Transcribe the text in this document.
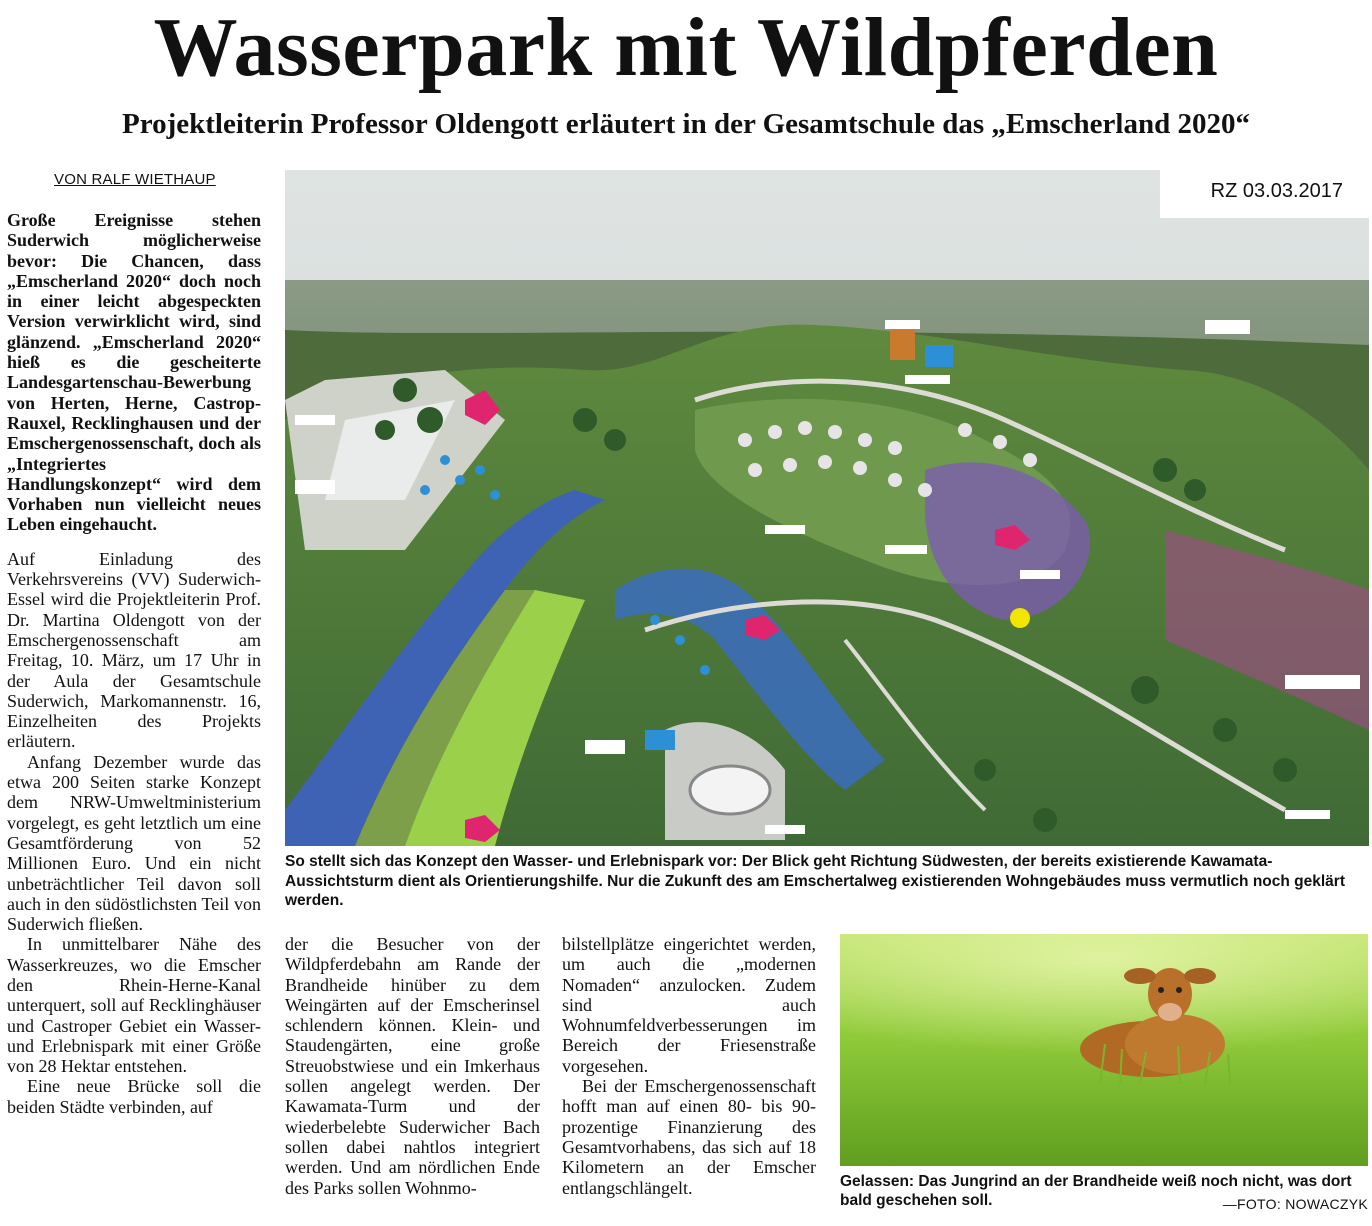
Wasserpark mit Wildpferden
Projektleiterin Professor Oldengott erläutert in der Gesamtschule das „Emscherland 2020“
VON RALF WIETHAUP

Große Ereignisse stehen Suderwich möglicherweise bevor: Die Chancen, dass „Emscherland 2020“ doch noch in einer leicht abgespeckten Version verwirklicht wird, sind glänzend. „Emscherland 2020“ hieß es die gescheiterte Landesgartenschau-Bewerbung von Herten, Herne, Castrop-Rauxel, Recklinghausen und der Emschergenossenschaft, doch als „Integriertes Handlungskonzept“ wird dem Vorhaben nun vielleicht neues Leben eingehaucht.

Auf Einladung des Verkehrsvereins (VV) Suderwich-Essel wird die Projektleiterin Prof. Dr. Martina Oldengott von der Emschergenossenschaft am Freitag, 10. März, um 17 Uhr in der Aula der Gesamtschule Suderwich, Markomannenstr. 16, Einzelheiten des Projekts erläutern.

Anfang Dezember wurde das etwa 200 Seiten starke Konzept dem NRW-Umweltministerium vorgelegt, es geht letztlich um eine Gesamtförderung von 52 Millionen Euro. Und ein nicht unbeträchtlicher Teil davon soll auch in den südöstlichsten Teil von Suderwich fließen.

In unmittelbarer Nähe des Wasserkreuzes, wo die Emscher den Rhein-Herne-Kanal unterquert, soll auf Recklinghäuser und Castroper Gebiet ein Wasser- und Erlebnispark mit einer Größe von 28 Hektar entstehen.

Eine neue Brücke soll die beiden Städte verbinden, auf

RZ 03.03.2017
So stellt sich das Konzept den Wasser- und Erlebnispark vor: Der Blick geht Richtung Südwesten, der bereits existierende Kawamata-Aussichtsturm dient als Orientierungshilfe. Nur die Zukunft des am Emschertalweg existierenden Wohngebäudes muss vermutlich noch geklärt werden.

der die Besucher von der Wildpferdebahn am Rande der Brandheide hinüber zu dem Weingärten auf der Emscherinsel schlendern können. Klein- und Staudengärten, eine große Streuobstwiese und ein Imkerhaus sollen angelegt werden. Der Kawamata-Turm und der wiederbelebte Suderwicher Bach sollen dabei nahtlos integriert werden. Und am nördlichen Ende des Parks sollen Wohnmo-

bilstellplätze eingerichtet werden, um auch die „modernen Nomaden“ anzulocken. Zudem sind auch Wohnumfeldverbesserungen im Bereich der Friesenstraße vorgesehen.

Bei der Emschergenossenschaft hofft man auf einen 80- bis 90-prozentige Finanzierung des Gesamtvorhabens, das sich auf 18 Kilometern an der Emscher entlangschlängelt.	Gelassen: Das Jungrind an der Brandheide weiß noch nicht, was dort bald geschehen soll.	—FOTO: NOWACZYK
